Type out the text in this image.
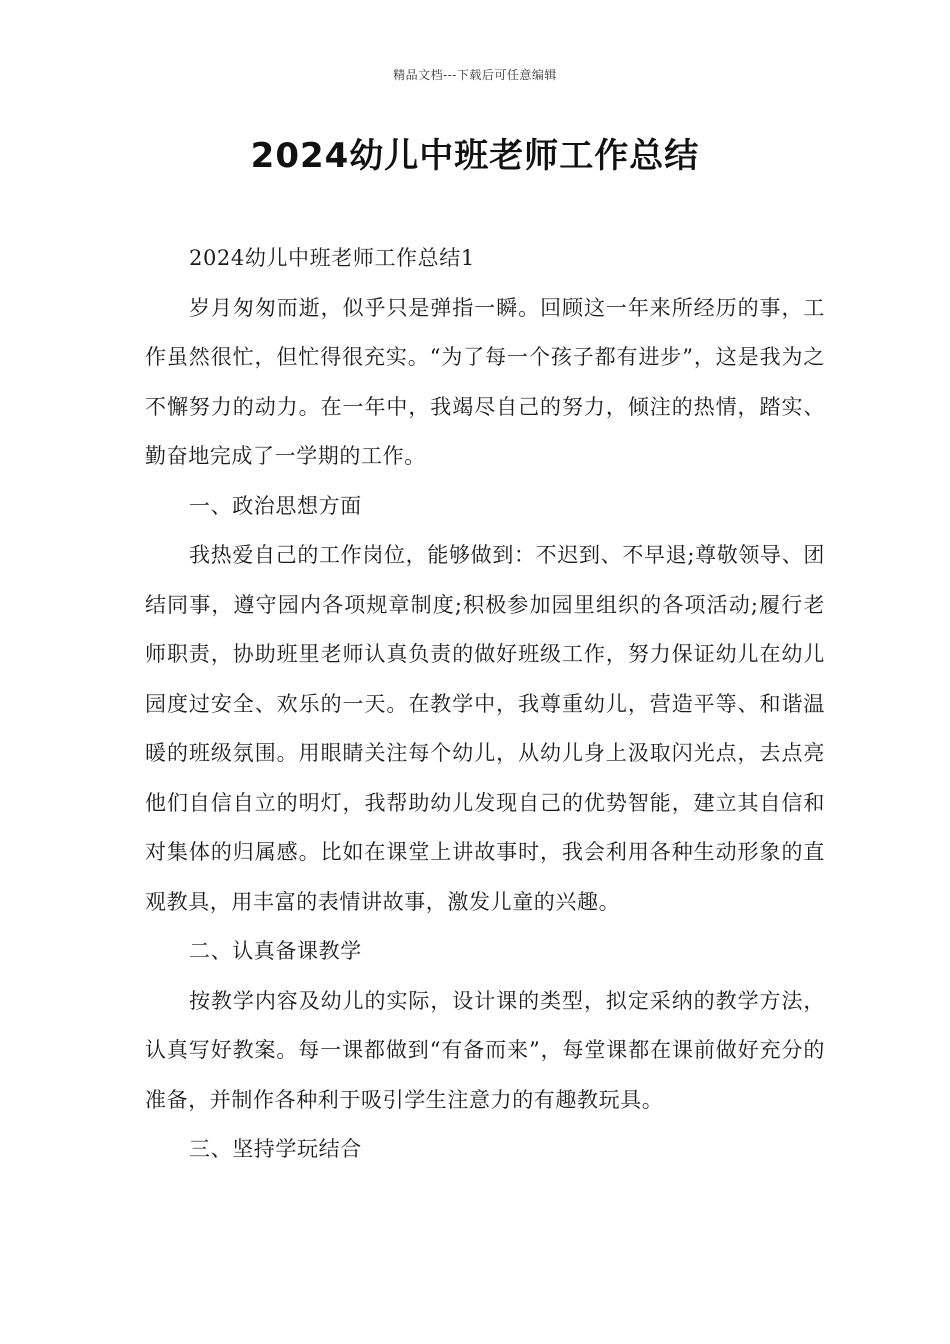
精品文档---下载后可任意编辑
2024幼儿中班老师工作总结

2024幼儿中班老师工作总结1

岁月匆匆而逝，似乎只是弹指一瞬。回顾这一年来所经历的事，工作虽然很忙，但忙得很充实。“为了每一个孩子都有进步”，这是我为之不懈努力的动力。在一年中，我竭尽自己的努力，倾注的热情，踏实、勤奋地完成了一学期的工作。

一、政治思想方面

我热爱自己的工作岗位，能够做到：不迟到、不早退;尊敬领导、团结同事，遵守园内各项规章制度;积极参加园里组织的各项活动;履行老师职责，协助班里老师认真负责的做好班级工作，努力保证幼儿在幼儿园度过安全、欢乐的一天。在教学中，我尊重幼儿，营造平等、和谐温暖的班级氛围。用眼睛关注每个幼儿，从幼儿身上汲取闪光点，去点亮他们自信自立的明灯，我帮助幼儿发现自己的优势智能，建立其自信和对集体的归属感。比如在课堂上讲故事时，我会利用各种生动形象的直观教具，用丰富的表情讲故事，激发儿童的兴趣。

二、认真备课教学

按教学内容及幼儿的实际，设计课的类型，拟定采纳的教学方法，认真写好教案。每一课都做到“有备而来”，每堂课都在课前做好充分的准备，并制作各种利于吸引学生注意力的有趣教玩具。

三、坚持学玩结合
